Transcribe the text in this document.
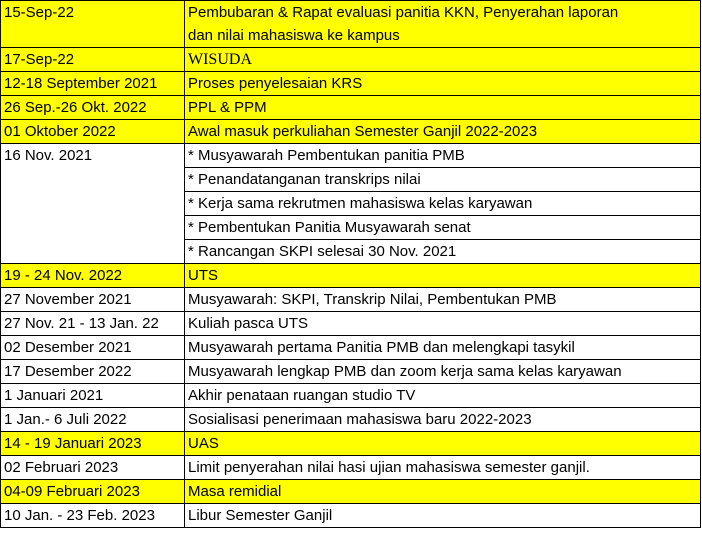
15-Sep-22	Pembubaran & Rapat evaluasi panitia KKN, Penyerahan laporan
	dan nilai mahasiswa ke kampus
17-Sep-22	WISUDA
12-18 September 2021	Proses penyelesaian KRS
26 Sep.-26 Okt. 2022	PPL & PPM
01 Oktober 2022	Awal masuk perkuliahan Semester Ganjil 2022-2023
16 Nov. 2021	* Musyawarah Pembentukan panitia PMB
	* Penandatanganan transkrips nilai
	* Kerja sama rekrutmen mahasiswa kelas karyawan
	* Pembentukan Panitia Musyawarah senat
	* Rancangan SKPI selesai 30 Nov. 2021
19 - 24 Nov. 2022	UTS
27 November 2021	Musyawarah: SKPI, Transkrip Nilai, Pembentukan PMB
27 Nov. 21 - 13 Jan. 22	Kuliah pasca UTS
02 Desember 2021	Musyawarah pertama Panitia PMB dan melengkapi tasykil
17 Desember 2022	Musyawarah lengkap PMB dan zoom kerja sama kelas karyawan
1 Januari 2021	Akhir penataan ruangan studio TV
1 Jan.- 6 Juli 2022	Sosialisasi penerimaan mahasiswa baru 2022-2023
14 - 19 Januari 2023	UAS
02 Februari 2023	Limit penyerahan nilai hasi ujian mahasiswa semester ganjil.
04-09 Februari 2023	Masa remidial
10 Jan. - 23 Feb. 2023	Libur Semester Ganjil
